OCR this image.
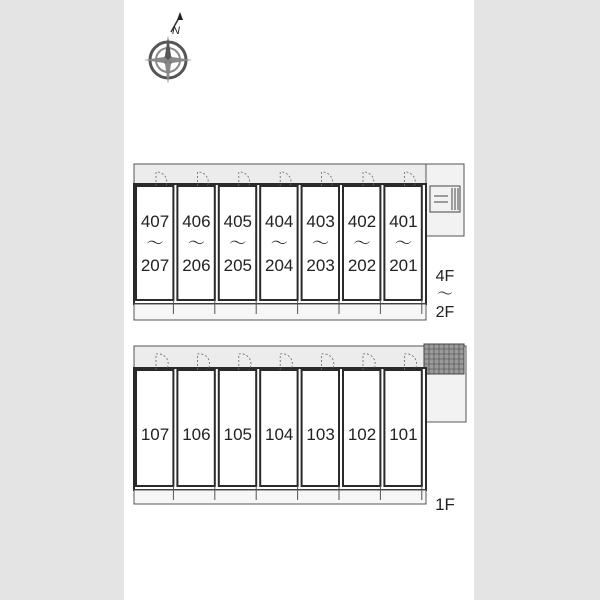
N
407
～
207
406
～
206
405
～
205
404
～
204
403
～
203
402
～
202
401
～
201
4F
～
2F
107 106 105 104 103 102 101
1F
